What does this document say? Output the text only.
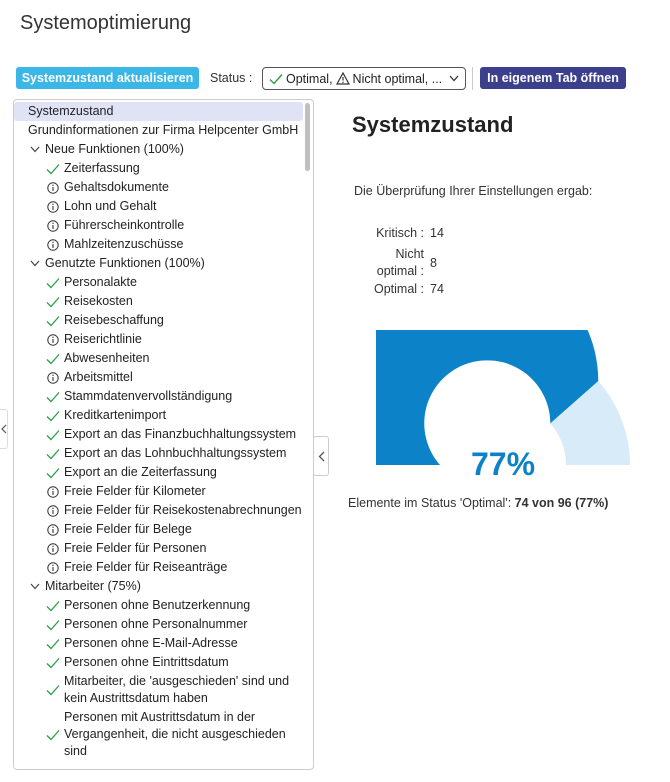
Systemoptimierung
Systemzustand aktualisieren	Status :	Optimal, Nicht optimal, ...	In eigenem Tab öffnen
Systemzustand
Grundinformationen zur Firma Helpcenter GmbH
Neue Funktionen (100%)
Zeiterfassung
Gehaltsdokumente
Lohn und Gehalt
Führerscheinkontrolle
Mahlzeitenzuschüsse
Genutzte Funktionen (100%)
Personalakte
Reisekosten
Reisebeschaffung
Reiserichtlinie
Abwesenheiten
Arbeitsmittel
Stammdatenvervollständigung
Kreditkartenimport
Export an das Finanzbuchhaltungssystem
Export an das Lohnbuchhaltungssystem
Export an die Zeiterfassung
Freie Felder für Kilometer
Freie Felder für Reisekostenabrechnungen
Freie Felder für Belege
Freie Felder für Personen
Freie Felder für Reiseanträge
Mitarbeiter (75%)
Personen ohne Benutzerkennung
Personen ohne Personalnummer
Personen ohne E-Mail-Adresse
Personen ohne Eintrittsdatum
Mitarbeiter, die 'ausgeschieden' sind und kein Austrittsdatum haben
Personen mit Austrittsdatum in der Vergangenheit, die nicht ausgeschieden sind
Systemzustand
Die Überprüfung Ihrer Einstellungen ergab:
Kritisch : 14
Nicht optimal :
8
Optimal : 74
77%
Elemente im Status 'Optimal': 74 von 96 (77%)
